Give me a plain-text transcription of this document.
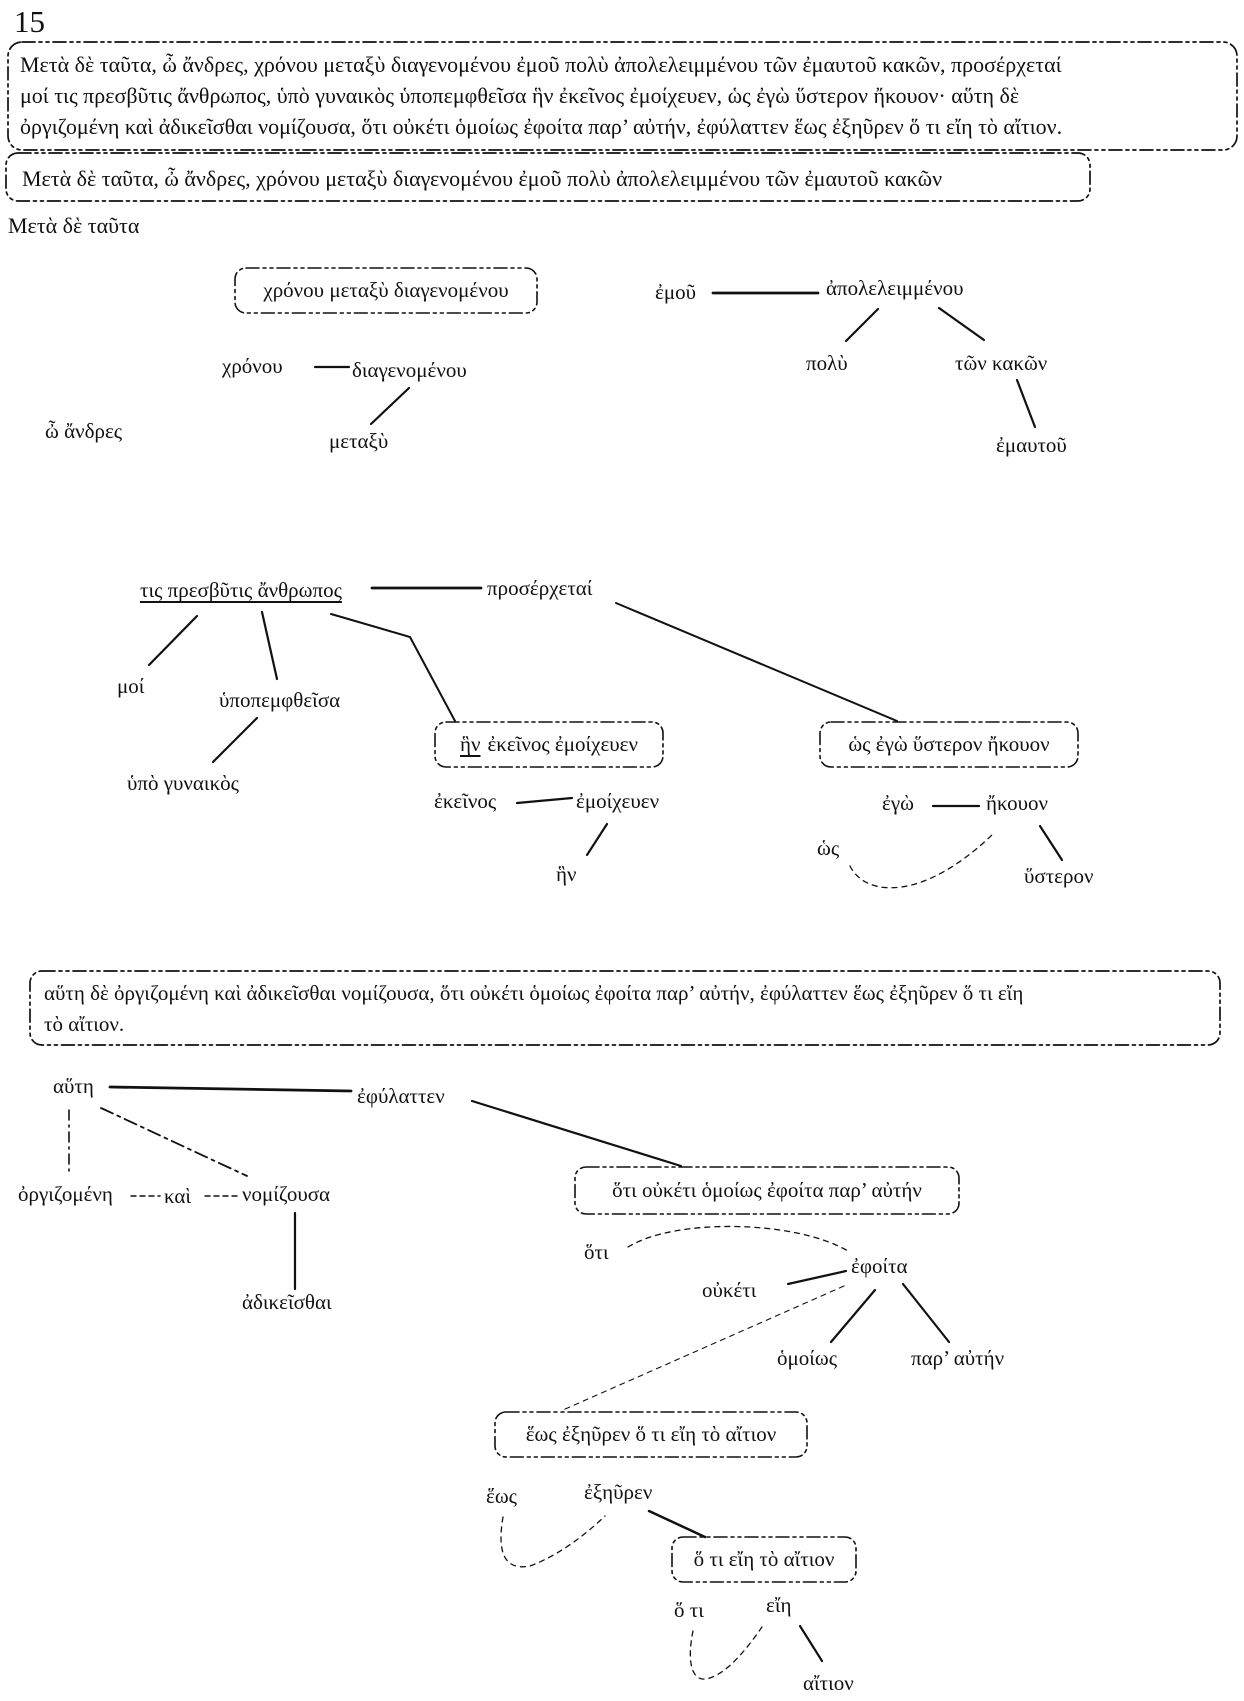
15
Μετὰ δὲ ταῦτα, ὦ ἄνδρες, χρόνου μεταξὺ διαγενομένου ἐμοῦ πολὺ ἀπολελειμμένου τῶν ἐμαυτοῦ κακῶν, προσέρχεταί
μοί τις πρεσβῦτις ἄνθρωπος, ὑπὸ γυναικὸς ὑποπεμφθεῖσα ἣν ἐκεῖνος ἐμοίχευεν, ὡς ἐγὼ ὕστερον ἤκουον· αὕτη δὲ
ὀργιζομένη καὶ ἀδικεῖσθαι νομίζουσα, ὅτι οὐκέτι ὁμοίως ἐφοίτα παρ’ αὐτήν, ἐφύλαττεν ἕως ἐξηῦρεν ὅ τι εἴη τὸ αἴτιον.
Μετὰ δὲ ταῦτα, ὦ ἄνδρες, χρόνου μεταξὺ διαγενομένου ἐμοῦ πολὺ ἀπολελειμμένου τῶν ἐμαυτοῦ κακῶν
Μετὰ δὲ ταῦτα
χρόνου μεταξὺ διαγενομένου
χρόνου	διαγενομένου
μεταξὺ
ὦ ἄνδρες
ἐμοῦ	ἀπολελειμμένου
πολὺ	τῶν κακῶν
ἐμαυτοῦ
τις πρεσβῦτις ἄνθρωπος	προσέρχεταί
μοί
ὑποπεμφθεῖσα
ὑπὸ γυναικὸς
ἣν ἐκεῖνος ἐμοίχευεν
ἐκεῖνος	ἐμοίχευεν
ἣν
ὡς ἐγὼ ὕστερον ἤκουον
ἐγὼ	ἤκουον
ὡς
ὕστερον
αὕτη δὲ ὀργιζομένη καὶ ἀδικεῖσθαι νομίζουσα, ὅτι οὐκέτι ὁμοίως ἐφοίτα παρ’ αὐτήν, ἐφύλαττεν ἕως ἐξηῦρεν ὅ τι εἴη
τὸ αἴτιον.
αὕτη	ἐφύλαττεν
ὀργιζομένη καὶ νομίζουσα
ἀδικεῖσθαι
ὅτι οὐκέτι ὁμοίως ἐφοίτα παρ’ αὐτήν
ὅτι
οὐκέτι
ἐφοίτα
ὁμοίως	παρ’ αὐτήν
ἕως ἐξηῦρεν ὅ τι εἴη τὸ αἴτιον
ἕως	ἐξηῦρεν
ὅ τι εἴη τὸ αἴτιον
ὅ τι	εἴη
αἴτιον
